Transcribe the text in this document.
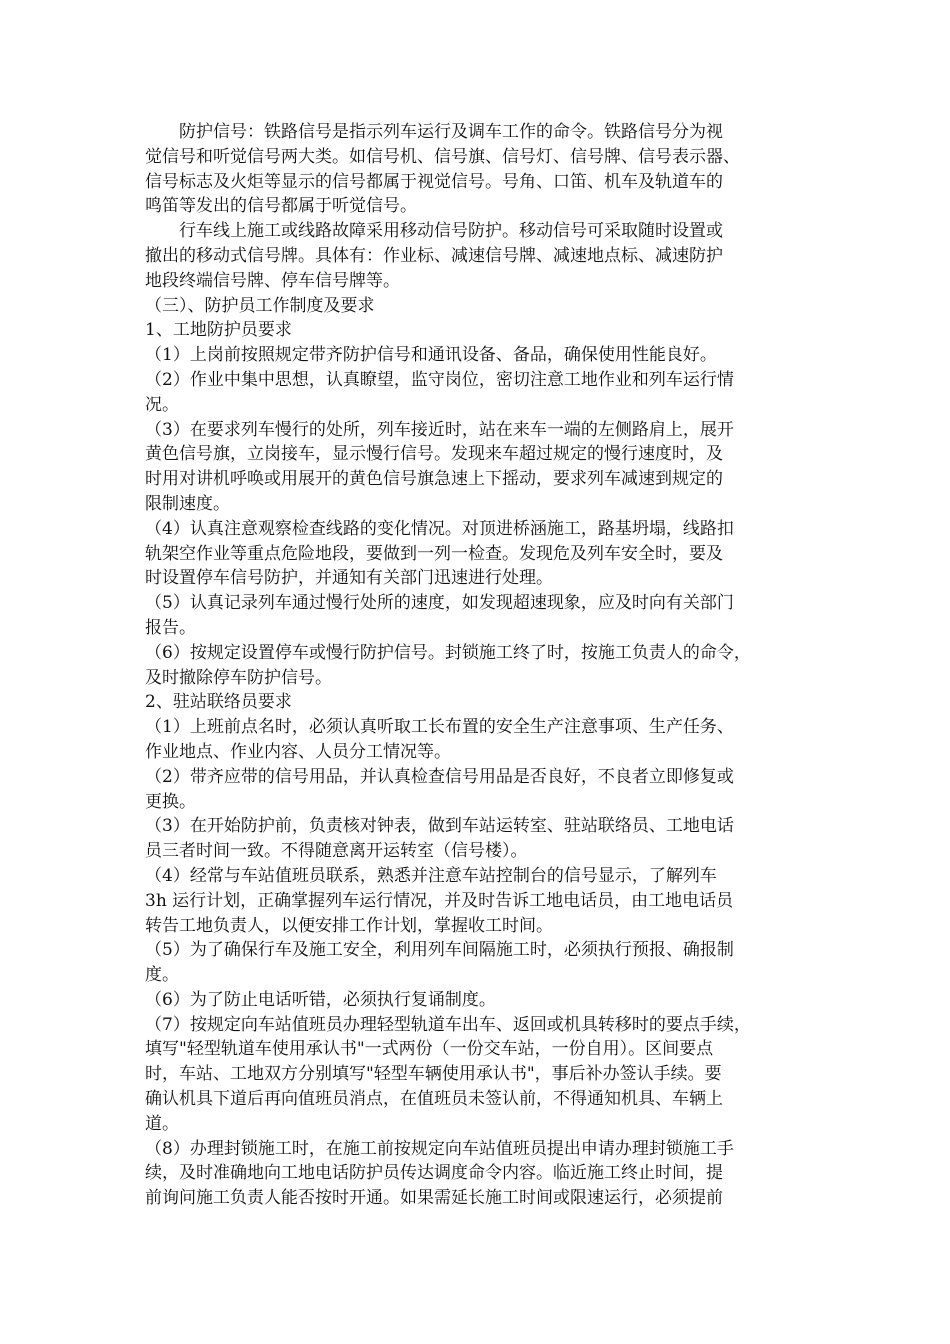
　　防护信号：铁路信号是指示列车运行及调车工作的命令。铁路信号分为视

觉信号和听觉信号两大类。如信号机、信号旗、信号灯、信号牌、信号表示器、

信号标志及火炬等显示的信号都属于视觉信号。号角、口笛、机车及轨道车的

鸣笛等发出的信号都属于听觉信号。

　　行车线上施工或线路故障采用移动信号防护。移动信号可采取随时设置或

撤出的移动式信号牌。具体有：作业标、减速信号牌、减速地点标、减速防护

地段终端信号牌、停车信号牌等。

（三）、防护员工作制度及要求

1、工地防护员要求

（1）上岗前按照规定带齐防护信号和通讯设备、备品，确保使用性能良好。

（2）作业中集中思想，认真瞭望，监守岗位，密切注意工地作业和列车运行情

况。

（3）在要求列车慢行的处所，列车接近时，站在来车一端的左侧路肩上，展开

黄色信号旗，立岗接车，显示慢行信号。发现来车超过规定的慢行速度时，及

时用对讲机呼唤或用展开的黄色信号旗急速上下摇动，要求列车减速到规定的

限制速度。

（4）认真注意观察检查线路的变化情况。对顶进桥涵施工，路基坍塌，线路扣

轨架空作业等重点危险地段，要做到一列一检查。发现危及列车安全时，要及

时设置停车信号防护，并通知有关部门迅速进行处理。

（5）认真记录列车通过慢行处所的速度，如发现超速现象，应及时向有关部门

报告。

（6）按规定设置停车或慢行防护信号。封锁施工终了时，按施工负责人的命令，

及时撤除停车防护信号。

2、驻站联络员要求

（1）上班前点名时，必须认真听取工长布置的安全生产注意事项、生产任务、

作业地点、作业内容、人员分工情况等。

（2）带齐应带的信号用品，并认真检查信号用品是否良好，不良者立即修复或

更换。

（3）在开始防护前，负责核对钟表，做到车站运转室、驻站联络员、工地电话

员三者时间一致。不得随意离开运转室（信号楼）。

（4）经常与车站值班员联系，熟悉并注意车站控制台的信号显示，了解列车

3h 运行计划，正确掌握列车运行情况，并及时告诉工地电话员，由工地电话员

转告工地负责人，以便安排工作计划，掌握收工时间。

（5）为了确保行车及施工安全，利用列车间隔施工时，必须执行预报、确报制

度。

（6）为了防止电话听错，必须执行复诵制度。

（7）按规定向车站值班员办理轻型轨道车出车、返回或机具转移时的要点手续，

填写"轻型轨道车使用承认书"一式两份（一份交车站，一份自用）。区间要点

时，车站、工地双方分别填写"轻型车辆使用承认书"，事后补办签认手续。要

确认机具下道后再向值班员消点，在值班员未签认前，不得通知机具、车辆上

道。

（8）办理封锁施工时，在施工前按规定向车站值班员提出申请办理封锁施工手

续，及时准确地向工地电话防护员传达调度命令内容。临近施工终止时间，提

前询问施工负责人能否按时开通。如果需延长施工时间或限速运行，必须提前
